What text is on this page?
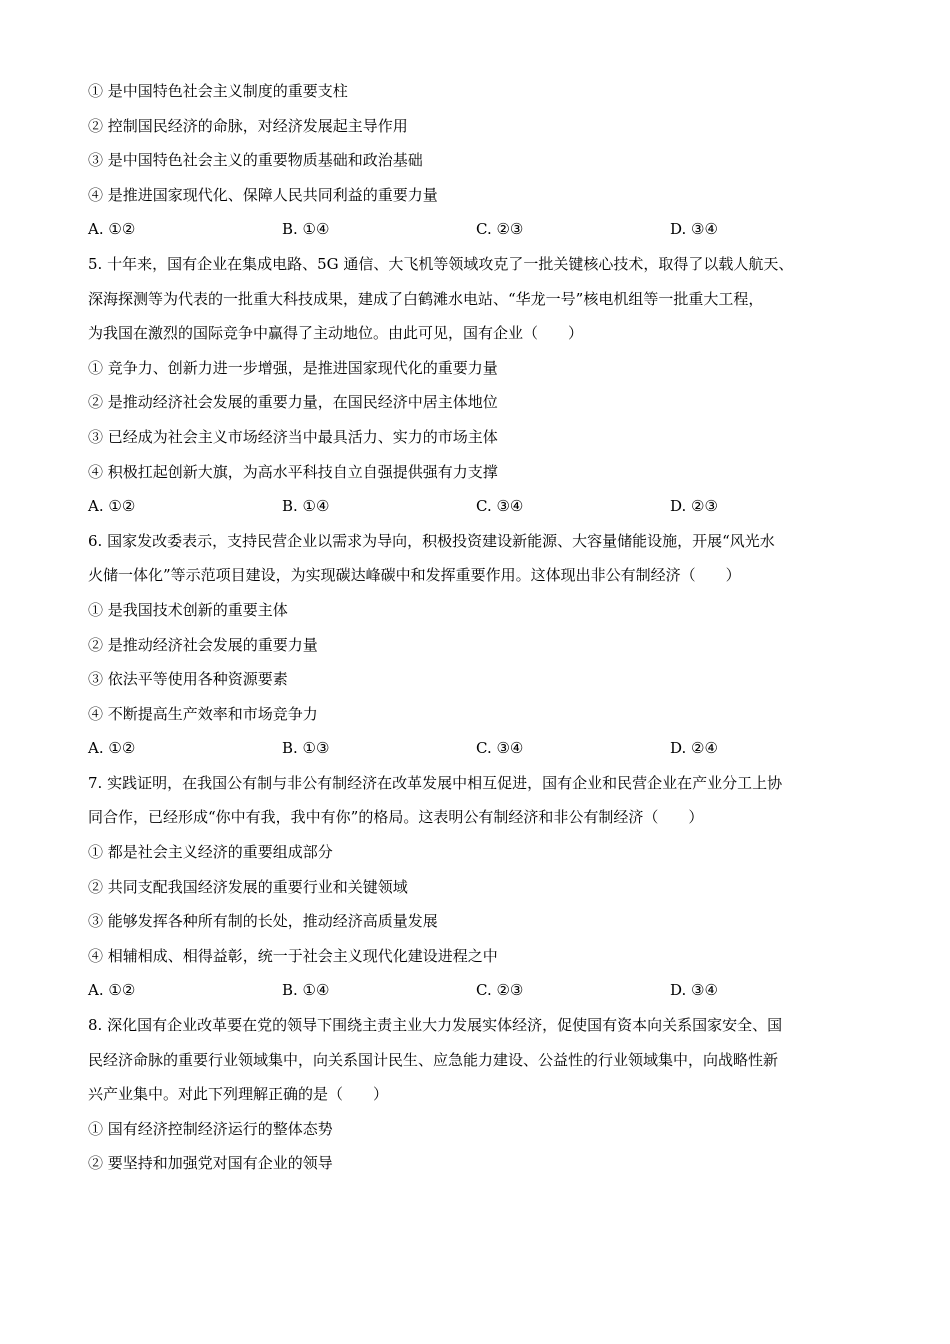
① 是中国特色社会主义制度的重要支柱
② 控制国民经济的命脉，对经济发展起主导作用
③ 是中国特色社会主义的重要物质基础和政治基础
④ 是推进国家现代化、保障人民共同利益的重要力量
A. ①②	B. ①④	C. ②③	D. ③④
5. 十年来，国有企业在集成电路、5G 通信、大飞机等领域攻克了一批关键核心技术，取得了以载人航天、
深海探测等为代表的一批重大科技成果，建成了白鹤滩水电站、“华龙一号”核电机组等一批重大工程，
为我国在激烈的国际竞争中赢得了主动地位。由此可见，国有企业（　　）
① 竞争力、创新力进一步增强，是推进国家现代化的重要力量
② 是推动经济社会发展的重要力量，在国民经济中居主体地位
③ 已经成为社会主义市场经济当中最具活力、实力的市场主体
④ 积极扛起创新大旗，为高水平科技自立自强提供强有力支撑
A. ①②	B. ①④	C. ③④	D. ②③
6. 国家发改委表示，支持民营企业以需求为导向，积极投资建设新能源、大容量储能设施，开展“风光水
火储一体化”等示范项目建设，为实现碳达峰碳中和发挥重要作用。这体现出非公有制经济（　　）
① 是我国技术创新的重要主体
② 是推动经济社会发展的重要力量
③ 依法平等使用各种资源要素
④ 不断提高生产效率和市场竞争力
A. ①②	B. ①③	C. ③④	D. ②④
7. 实践证明，在我国公有制与非公有制经济在改革发展中相互促进，国有企业和民营企业在产业分工上协
同合作，已经形成“你中有我，我中有你”的格局。这表明公有制经济和非公有制经济（　　）
① 都是社会主义经济的重要组成部分
② 共同支配我国经济发展的重要行业和关键领域
③ 能够发挥各种所有制的长处，推动经济高质量发展
④ 相辅相成、相得益彰，统一于社会主义现代化建设进程之中
A. ①②	B. ①④	C. ②③	D. ③④
8. 深化国有企业改革要在党的领导下围绕主责主业大力发展实体经济，促使国有资本向关系国家安全、国
民经济命脉的重要行业领域集中，向关系国计民生、应急能力建设、公益性的行业领域集中，向战略性新
兴产业集中。对此下列理解正确的是（　　）
① 国有经济控制经济运行的整体态势
② 要坚持和加强党对国有企业的领导
